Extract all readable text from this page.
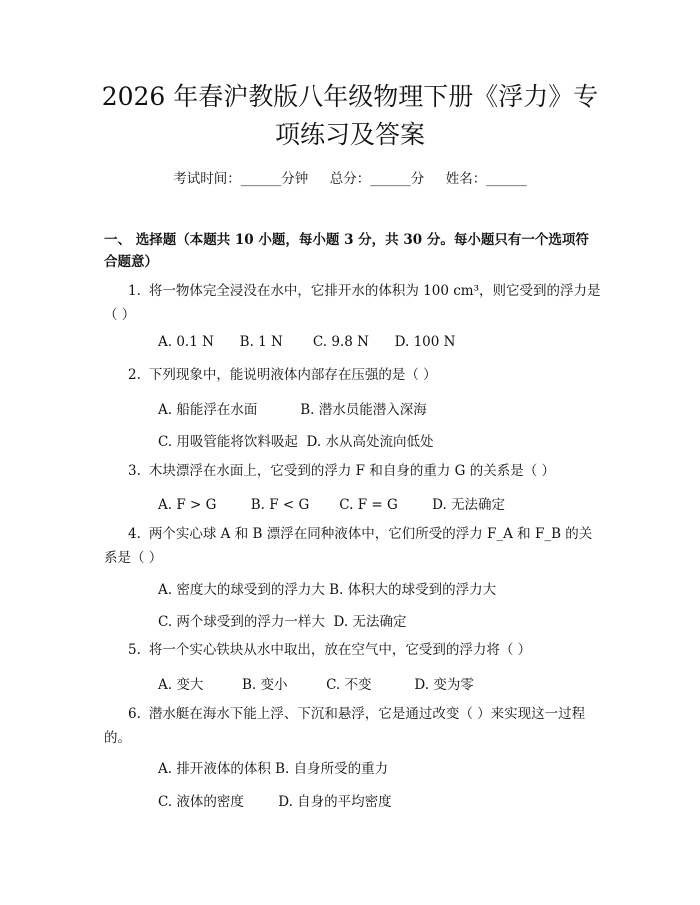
2026 年春沪教版八年级物理下册《浮力》专
项练习及答案
考试时间：______分钟     总分：______分     姓名：______
一、 选择题（本题共 10 小题，每小题 3 分，共 30 分。每小题只有一个选项符合题意）
1. 将一物体完全浸没在水中，它排开水的体积为 100 cm³，则它受到的浮力是（ ）
A. 0.1 N      B. 1 N       C. 9.8 N      D. 100 N
2. 下列现象中，能说明液体内部存在压强的是（ ）
A. 船能浮在水面          B. 潜水员能潜入深海
C. 用吸管能将饮料吸起  D. 水从高处流向低处
3. 木块漂浮在水面上，它受到的浮力 F 和自身的重力 G 的关系是（ ）
A. F > G        B. F < G       C. F = G        D. 无法确定
4. 两个实心球 A 和 B 漂浮在同种液体中，它们所受的浮力 F_A 和 F_B 的关系是（ ）
A. 密度大的球受到的浮力大 B. 体积大的球受到的浮力大
C. 两个球受到的浮力一样大  D. 无法确定
5. 将一个实心铁块从水中取出，放在空气中，它受到的浮力将（ ）
A. 变大         B. 变小         C. 不变          D. 变为零
6. 潜水艇在海水下能上浮、下沉和悬浮，它是通过改变（ ）来实现这一过程的。
A. 排开液体的体积 B. 自身所受的重力
C. 液体的密度        D. 自身的平均密度
